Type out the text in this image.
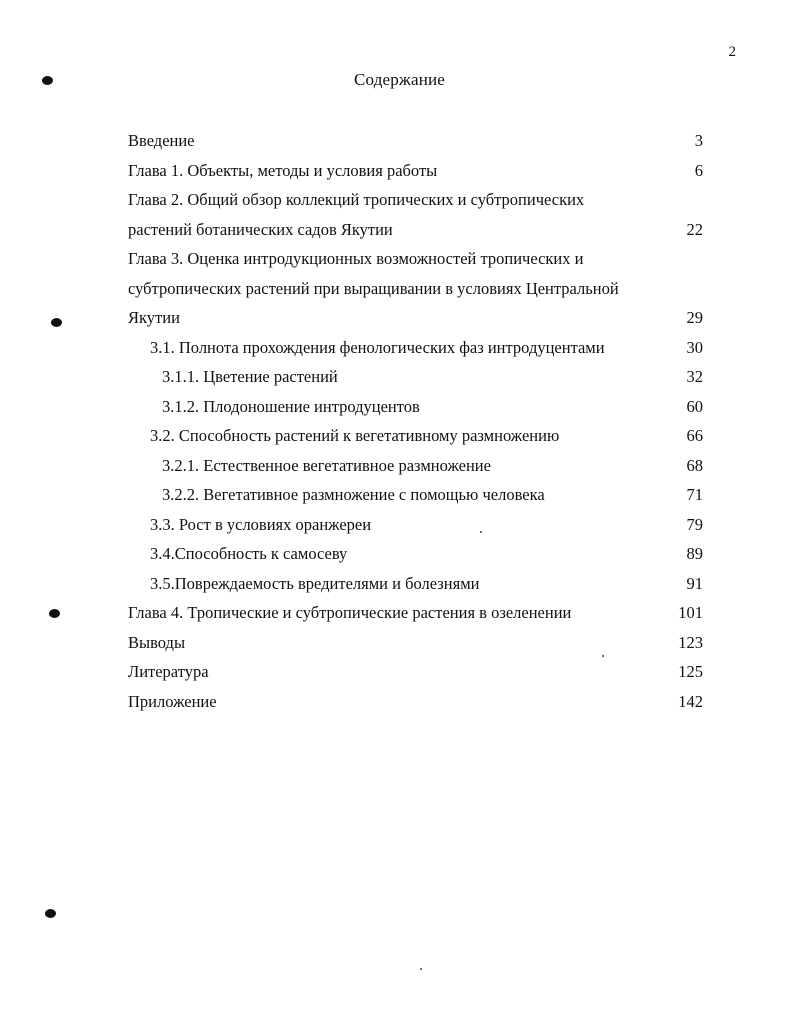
2
Содержание
Введение	3
Глава 1. Объекты, методы и условия работы	6
Глава 2. Общий обзор коллекций тропических и субтропических
растений ботанических садов Якутии	22
Глава 3. Оценка интродукционных возможностей тропических и
субтропических растений при выращивании в условиях Центральной
Якутии	29
3.1. Полнота прохождения фенологических фаз интродуцентами	30
3.1.1. Цветение растений	32
3.1.2. Плодоношение интродуцентов	60
3.2. Способность растений к вегетативному размножению	66
3.2.1. Естественное вегетативное размножение	68
3.2.2. Вегетативное размножение с помощью человека	71
3.3. Рост в условиях оранжереи	79
3.4.Способность к самосеву	89
3.5.Повреждаемость вредителями и болезнями	91
Глава 4. Тропические и субтропические растения в озеленении	101
Выводы	123
Литература	125
Приложение	142
